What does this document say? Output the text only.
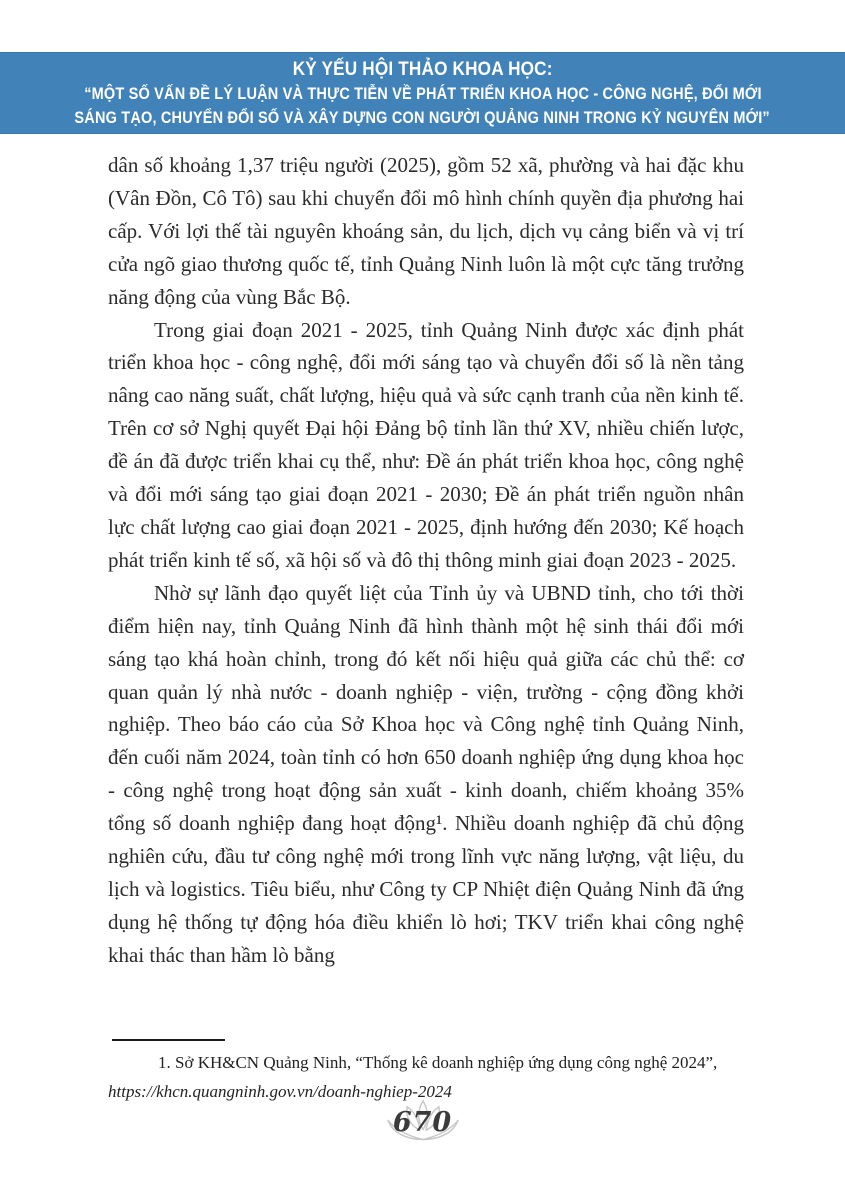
KỶ YẾU HỘI THẢO KHOA HỌC:
“MỘT SỐ VẤN ĐỀ LÝ LUẬN VÀ THỰC TIỄN VỀ PHÁT TRIỂN KHOA HỌC - CÔNG NGHỆ, ĐỔI MỚI
SÁNG TẠO, CHUYỂN ĐỔI SỐ VÀ XÂY DỰNG CON NGƯỜI QUẢNG NINH TRONG KỶ NGUYÊN MỚI”

dân số khoảng 1,37 triệu người (2025), gồm 52 xã, phường và hai đặc khu (Vân Đồn, Cô Tô) sau khi chuyển đổi mô hình chính quyền địa phương hai cấp. Với lợi thế tài nguyên khoáng sản, du lịch, dịch vụ cảng biển và vị trí cửa ngõ giao thương quốc tế, tỉnh Quảng Ninh luôn là một cực tăng trưởng năng động của vùng Bắc Bộ.

Trong giai đoạn 2021 - 2025, tỉnh Quảng Ninh được xác định phát triển khoa học - công nghệ, đổi mới sáng tạo và chuyển đổi số là nền tảng nâng cao năng suất, chất lượng, hiệu quả và sức cạnh tranh của nền kinh tế. Trên cơ sở Nghị quyết Đại hội Đảng bộ tỉnh lần thứ XV, nhiều chiến lược, đề án đã được triển khai cụ thể, như: Đề án phát triển khoa học, công nghệ và đổi mới sáng tạo giai đoạn 2021 - 2030; Đề án phát triển nguồn nhân lực chất lượng cao giai đoạn 2021 - 2025, định hướng đến 2030; Kế hoạch phát triển kinh tế số, xã hội số và đô thị thông minh giai đoạn 2023 - 2025.

Nhờ sự lãnh đạo quyết liệt của Tỉnh ủy và UBND tỉnh, cho tới thời điểm hiện nay, tỉnh Quảng Ninh đã hình thành một hệ sinh thái đổi mới sáng tạo khá hoàn chỉnh, trong đó kết nối hiệu quả giữa các chủ thể: cơ quan quản lý nhà nước - doanh nghiệp - viện, trường - cộng đồng khởi nghiệp. Theo báo cáo của Sở Khoa học và Công nghệ tỉnh Quảng Ninh, đến cuối năm 2024, toàn tỉnh có hơn 650 doanh nghiệp ứng dụng khoa học - công nghệ trong hoạt động sản xuất - kinh doanh, chiếm khoảng 35% tổng số doanh nghiệp đang hoạt động¹. Nhiều doanh nghiệp đã chủ động nghiên cứu, đầu tư công nghệ mới trong lĩnh vực năng lượng, vật liệu, du lịch và logistics. Tiêu biểu, như Công ty CP Nhiệt điện Quảng Ninh đã ứng dụng hệ thống tự động hóa điều khiển lò hơi; TKV triển khai công nghệ khai thác than hầm lò bằng

1. Sở KH&CN Quảng Ninh, “Thống kê doanh nghiệp ứng dụng công nghệ 2024”,
https://khcn.quangninh.gov.vn/doanh-nghiep-2024

670
